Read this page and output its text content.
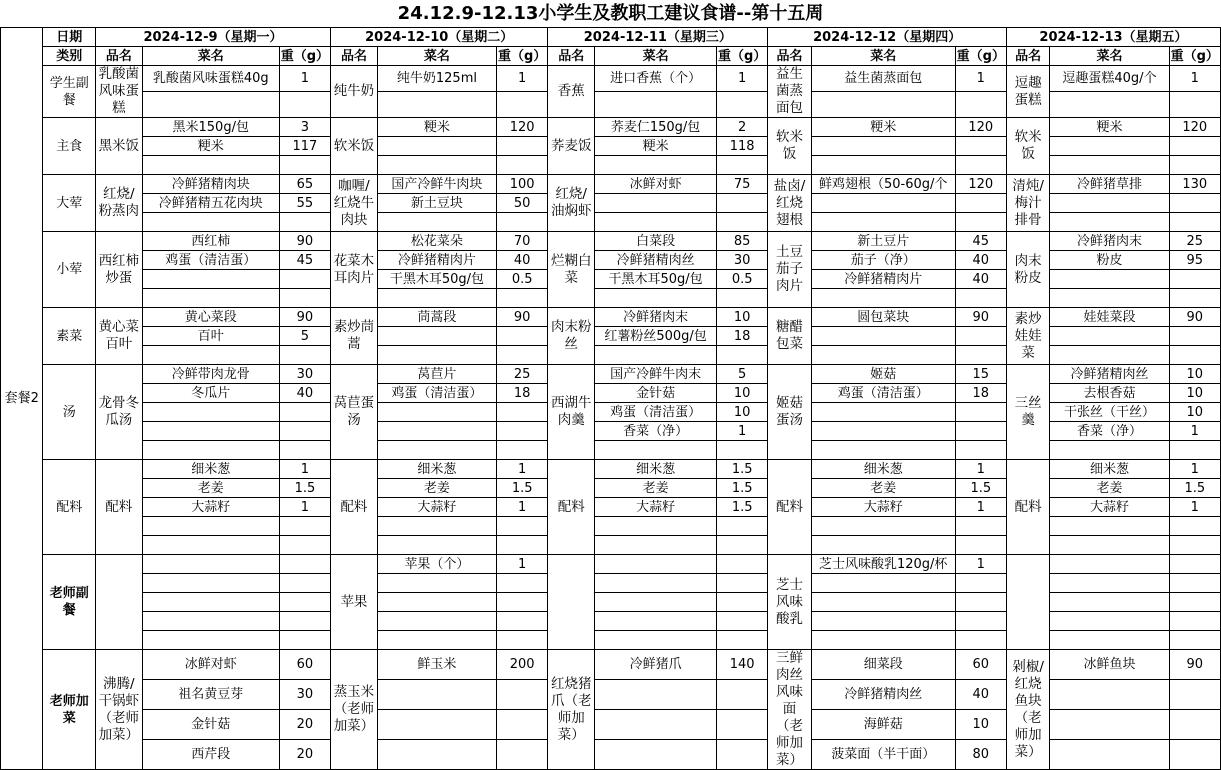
24.12.9-12.13小学生及教职工建议食谱--第十五周
套餐2	日期	2024-12-9（星期一）			2024-12-10（星期二）			2024-12-11（星期三）			2024-12-12（星期四）			2024-12-13（星期五）		
	类别	品名	菜名	重（g）	品名	菜名	重（g）	品名	菜名	重（g）	品名	菜名	重（g）	品名	菜名	重（g）
	学生副餐	乳酸菌风味蛋糕	乳酸菌风味蛋糕40g	1	纯牛奶	纯牛奶125ml	1	香蕉	进口香蕉（个）	1	益生菌蒸面包	益生菌蒸面包	1	逗趣蛋糕	逗趣蛋糕40g/个	1

	主食	黑米饭	黑米150g/包	3	软米饭	粳米	120	荞麦饭	荞麦仁150g/包	2	软米饭	粳米	120	软米饭	粳米	120
			粳米	117					粳米	118						

	大荤	红烧/粉蒸肉	冷鲜猪精肉块	65	咖喱/红烧牛肉块	国产冷鲜牛肉块	100	红烧/油焖虾	冰鲜对虾	75	盐卤/红烧翅根	鲜鸡翅根（50-60g/个	120	清炖/梅汁排骨	冷鲜猪草排	130
			冷鲜猪精五花肉块	55		新土豆块	50									

	小荤	西红柿炒蛋	西红柿	90	花菜木耳肉片	松花菜朵	70	烂糊白菜	白菜段	85	土豆茄子肉片	新土豆片	45	肉末粉皮	冷鲜猪肉末	25
			鸡蛋（清洁蛋）	45		冷鲜猪精肉片	40		冷鲜猪精肉丝	30		茄子（净）	40		粉皮	95
						干黑木耳50g/包	0.5		干黑木耳50g/包	0.5		冷鲜猪精肉片	40			

	素菜	黄心菜百叶	黄心菜段	90	素炒茼蒿	茼蒿段	90	肉末粉丝	冷鲜猪肉末	10	糖醋包菜	圆包菜块	90	素炒娃娃菜	娃娃菜段	90
			百叶	5					红薯粉丝500g/包	18						

	汤	龙骨冬瓜汤	冷鲜带肉龙骨	30	莴苣蛋汤	莴苣片	25	西湖牛肉羹	国产冷鲜牛肉末	5	姬菇蛋汤	姬菇	15	三丝羹	冷鲜猪精肉丝	10
			冬瓜片	40		鸡蛋（清洁蛋）	18		金针菇	10		鸡蛋（清洁蛋）	18		去根香菇	10
									鸡蛋（清洁蛋）	10					干张丝（干丝）	10
									香菜（净）	1					香菜（净）	1

	配料	配料	细米葱	1	配料	细米葱	1	配料	细米葱	1.5	配料	细米葱	1	配料	细米葱	1
			老姜	1.5		老姜	1.5		老姜	1.5		老姜	1.5		老姜	1.5
			大蒜籽	1		大蒜籽	1		大蒜籽	1.5		大蒜籽	1		大蒜籽	1

	老师副餐				苹果	苹果（个）	1				芝士风味酸乳	芝士风味酸乳120g/杯	1			

	老师加菜	沸腾/干锅虾（老师加菜）	冰鲜对虾	60	蒸玉米（老师加菜）	鲜玉米	200	红烧猪爪（老师加菜）	冷鲜猪爪	140	三鲜肉丝风味面（老师加菜）	细菜段	60	剁椒/红烧鱼块（老师加菜）	冰鲜鱼块	90
			祖名黄豆芽	30								冷鲜猪精肉丝	40			
			金针菇	20								海鲜菇	10			
			西芹段	20								菠菜面（半干面）	80			
